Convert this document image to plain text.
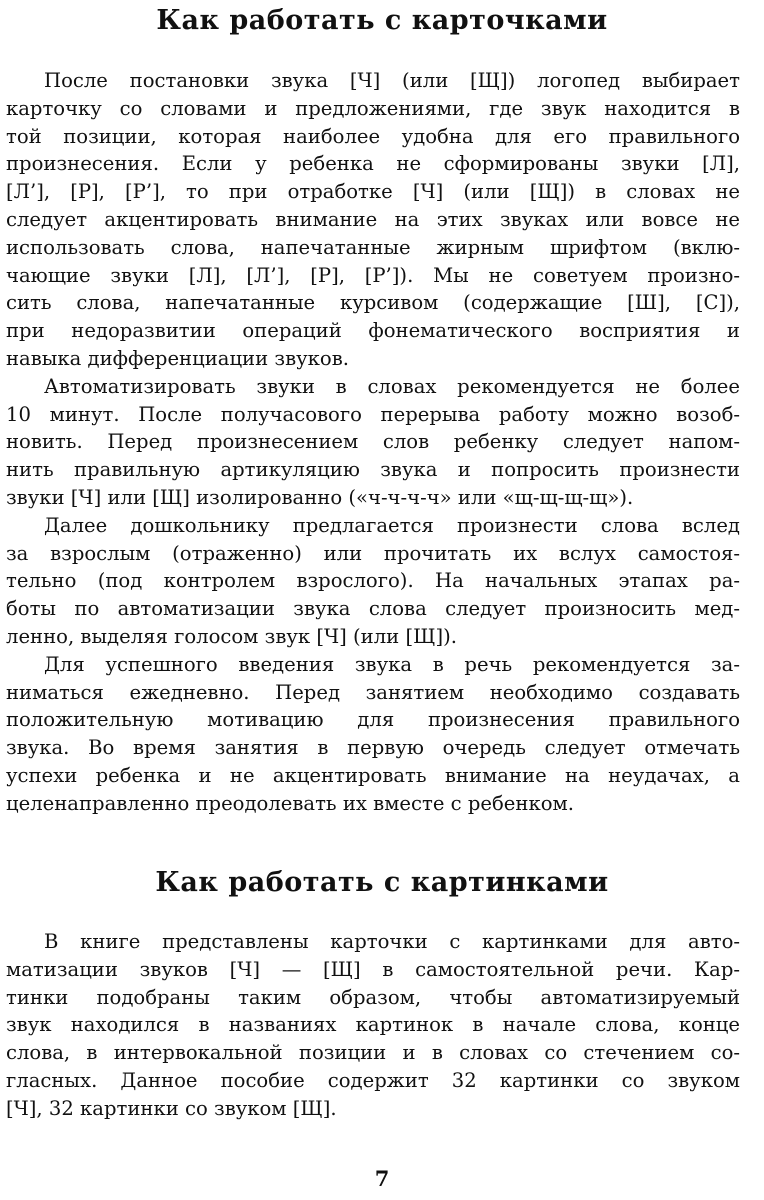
Как работать с карточками
После постановки звука [Ч] (или [Щ]) логопед выбирает
карточку со словами и предложениями, где звук находится в
той позиции, которая наиболее удобна для его правильного
произнесения. Если у ребенка не сформированы звуки [Л],
[Л’], [Р], [Р’], то при отработке [Ч] (или [Щ]) в словах не
следует акцентировать внимание на этих звуках или вовсе не
использовать слова, напечатанные жирным шрифтом (вклю-
чающие звуки [Л], [Л’], [Р], [Р’]). Мы не советуем произно-
сить слова, напечатанные курсивом (содержащие [Ш], [С]),
при недоразвитии операций фонематического восприятия и
навыка дифференциации звуков.
Автоматизировать звуки в словах рекомендуется не более
10 минут. После получасового перерыва работу можно возоб-
новить. Перед произнесением слов ребенку следует напом-
нить правильную артикуляцию звука и попросить произнести
звуки [Ч] или [Щ] изолированно («ч-ч-ч-ч» или «щ-щ-щ-щ»).
Далее дошкольнику предлагается произнести слова вслед
за взрослым (отраженно) или прочитать их вслух самостоя-
тельно (под контролем взрослого). На начальных этапах ра-
боты по автоматизации звука слова следует произносить мед-
ленно, выделяя голосом звук [Ч] (или [Щ]).
Для успешного введения звука в речь рекомендуется за-
ниматься ежедневно. Перед занятием необходимо создавать
положительную мотивацию для произнесения правильного
звука. Во время занятия в первую очередь следует отмечать
успехи ребенка и не акцентировать внимание на неудачах, а
целенаправленно преодолевать их вместе с ребенком.
Как работать с картинками
В книге представлены карточки с картинками для авто-
матизации звуков [Ч] — [Щ] в самостоятельной речи. Кар-
тинки подобраны таким образом, чтобы автоматизируемый
звук находился в названиях картинок в начале слова, конце
слова, в интервокальной позиции и в словах со стечением со-
гласных. Данное пособие содержит 32 картинки со звуком
[Ч], 32 картинки со звуком [Щ].
7
